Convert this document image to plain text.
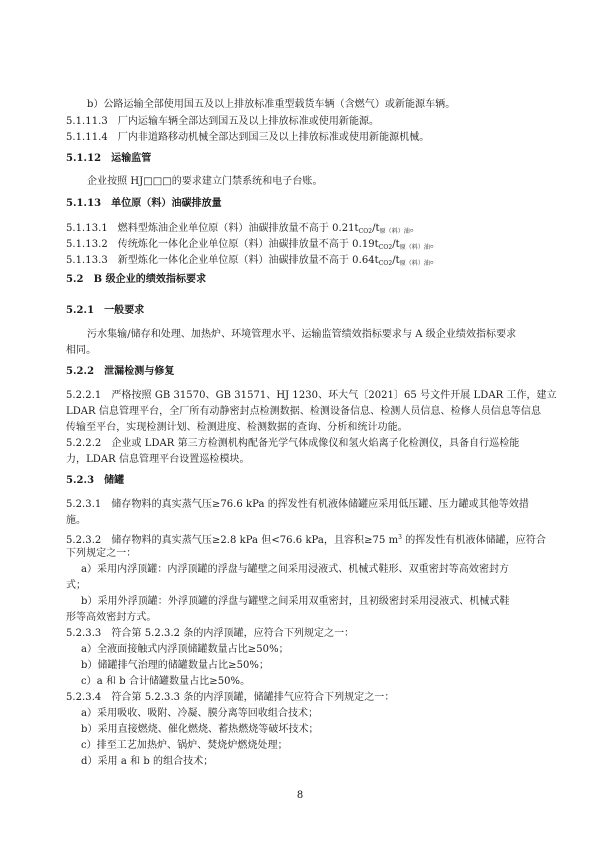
b）公路运输全部使用国五及以上排放标准重型载货车辆（含燃气）或新能源车辆。
5.1.11.3　厂内运输车辆全部达到国五及以上排放标准或使用新能源。
5.1.11.4　厂内非道路移动机械全部达到国三及以上排放标准或使用新能源机械。
5.1.12　运输监管
企业按照 HJ□□□的要求建立门禁系统和电子台账。
5.1.13　单位原（料）油碳排放量
5.1.13.1　燃料型炼油企业单位原（料）油碳排放量不高于 $0.21t_{CO2}/t_{原(料)油}$。
5.1.13.2　传统炼化一体化企业单位原（料）油碳排放量不高于 $0.19t_{CO2}/t_{原(料)油}$。
5.1.13.3　新型炼化一体化企业单位原（料）油碳排放量不高于 $0.64t_{CO2}/t_{原(料)油}$。
5.2　B 级企业的绩效指标要求
5.2.1　一般要求
污水集输/储存和处理、加热炉、环境管理水平、运输监管绩效指标要求与 A 级企业绩效指标要求
相同。
5.2.2　泄漏检测与修复
5.2.2.1　严格按照 GB 31570、GB 31571、HJ 1230、环大气〔2021〕65 号文件开展 LDAR 工作，建立
LDAR 信息管理平台，全厂所有动静密封点检测数据、检测设备信息、检测人员信息、检修人员信息等信息
传输至平台，实现检测计划、检测进度、检测数据的查询、分析和统计功能。
5.2.2.2　企业或 LDAR 第三方检测机构配备光学气体成像仪和氢火焰离子化检测仪，具备自行巡检能
力，LDAR 信息管理平台设置巡检模块。
5.2.3　储罐
5.2.3.1　储存物料的真实蒸气压≥76.6 kPa 的挥发性有机液体储罐应采用低压罐、压力罐或其他等效措
施。
5.2.3.2　储存物料的真实蒸气压≥2.8 kPa 但<76.6 kPa，且容积≥75 $m^3$ 的挥发性有机液体储罐，应符合
下列规定之一：
a）采用内浮顶罐：内浮顶罐的浮盘与罐壁之间采用浸液式、机械式鞋形、双重密封等高效密封方
式；
b）采用外浮顶罐：外浮顶罐的浮盘与罐壁之间采用双重密封，且初级密封采用浸液式、机械式鞋
形等高效密封方式。
5.2.3.3　符合第 5.2.3.2 条的内浮顶罐，应符合下列规定之一：
a）全液面接触式内浮顶储罐数量占比≥50%；
b）储罐排气治理的储罐数量占比≥50%；
c）a 和 b 合计储罐数量占比≥50%。
5.2.3.4　符合第 5.2.3.3 条的内浮顶罐，储罐排气应符合下列规定之一：
a）采用吸收、吸附、冷凝、膜分离等回收组合技术；
b）采用直接燃烧、催化燃烧、蓄热燃烧等破坏技术；
c）排至工艺加热炉、锅炉、焚烧炉燃烧处理；
d）采用 a 和 b 的组合技术；
8
